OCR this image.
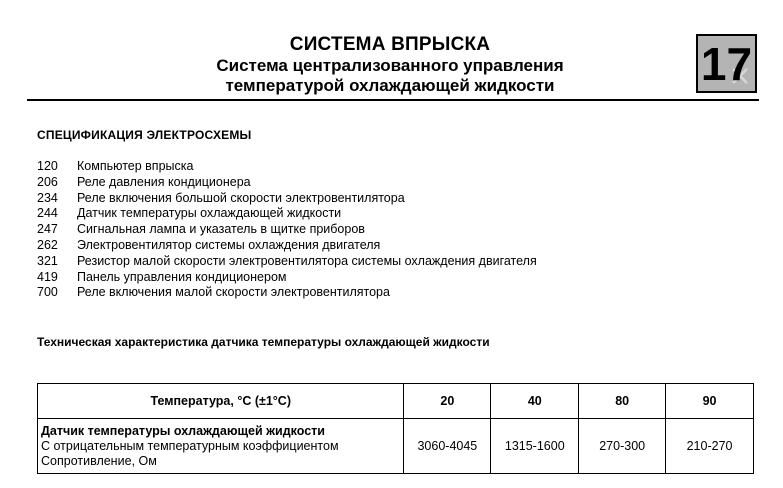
СИСТЕМА ВПРЫСКА
Система централизованного управления
температурой охлаждающей жидкости	17
СПЕЦИФИКАЦИЯ ЭЛЕКТРОСХЕМЫ
120	Компьютер впрыска
206	Реле давления кондиционера
234	Реле включения большой скорости электровентилятора
244	Датчик температуры охлаждающей жидкости
247	Сигнальная лампа и указатель в щитке приборов
262	Электровентилятор системы охлаждения двигателя
321	Резистор малой скорости электровентилятора системы охлаждения двигателя
419	Панель управления кондиционером
700	Реле включения малой скорости электровентилятора
Техническая характеристика датчика температуры охлаждающей жидкости
Температура, °С (±1°С)	20	40	80	90

Датчик температуры охлаждающей жидкости
С отрицательным температурным коэффициентом
Сопротивление, Ом	3060-4045	1315-1600	270-300	210-270
